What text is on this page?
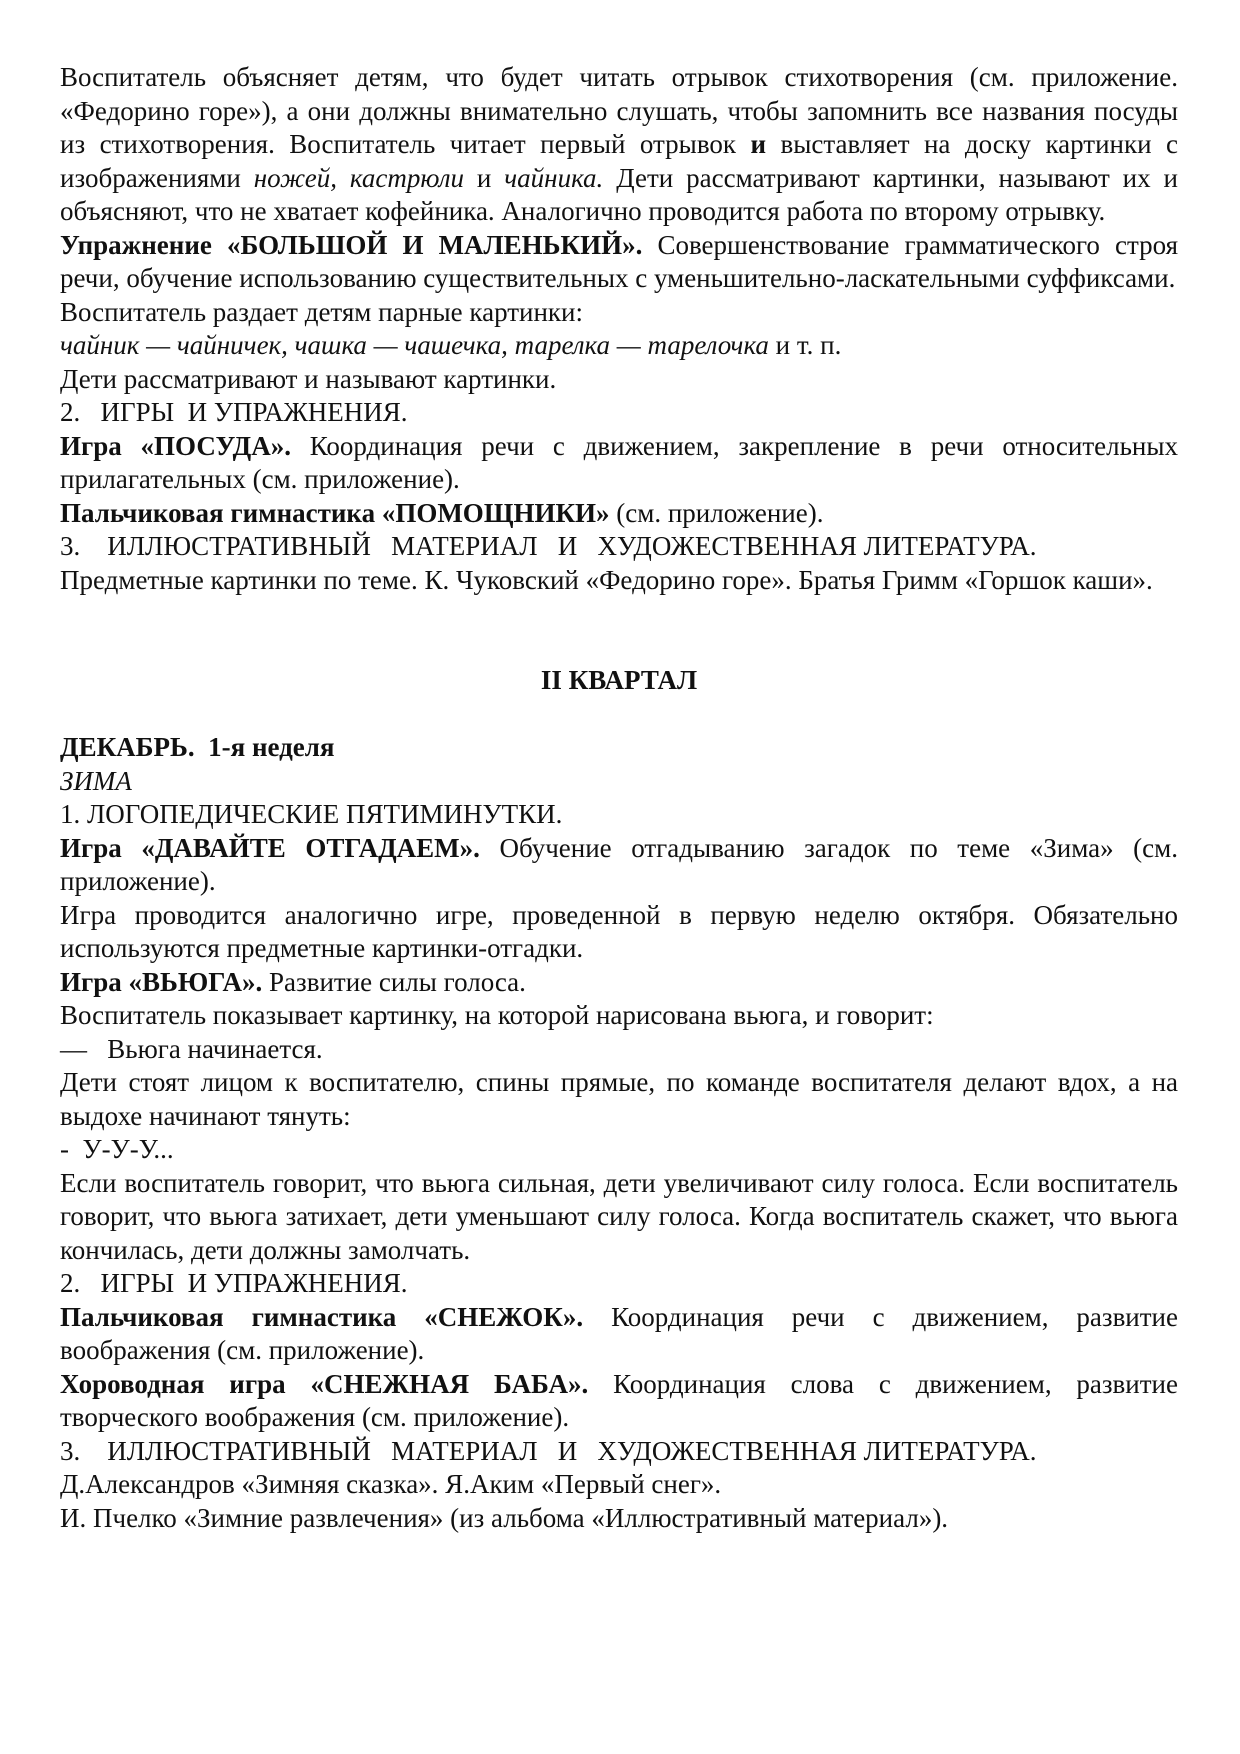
Воспитатель объясняет детям, что будет читать отрывок стихотворения (см. приложение. «Федорино горе»), а они должны внимательно слушать, чтобы запомнить все названия посуды из стихотворения. Воспитатель читает первый отрывок и выставляет на доску картинки с изображениями ножей, кастрюли и чайника. Дети рассматривают картинки, называют их и объясняют, что не хватает кофейника. Аналогично проводится работа по второму отрывку.

Упражнение «БОЛЬШОЙ И МАЛЕНЬКИЙ». Совершенствование грамматического строя речи, обучение использованию существительных с уменьшительно-ласкательными суффиксами.

Воспитатель раздает детям парные картинки:

чайник — чайничек, чашка — чашечка, тарелка — тарелочка и т. п.

Дети рассматривают и называют картинки.

2.   ИГРЫ  И УПРАЖНЕНИЯ.

Игра «ПОСУДА». Координация речи с движением, закрепление в речи относительных прилагательных (см. приложение).

Пальчиковая гимнастика «ПОМОЩНИКИ» (см. приложение).

3.    ИЛЛЮСТРАТИВНЫЙ   МАТЕРИАЛ   И   ХУДОЖЕСТВЕННАЯ ЛИТЕРАТУРА.

Предметные картинки по теме. К. Чуковский «Федорино горе». Братья Гримм «Горшок каши».

II КВАРТАЛ

ДЕКАБРЬ.  1-я неделя

ЗИМА

1. ЛОГОПЕДИЧЕСКИЕ ПЯТИМИНУТКИ.

Игра «ДАВАЙТЕ ОТГАДАЕМ». Обучение отгадыванию загадок по теме «Зима» (см. приложение).

Игра проводится аналогично игре, проведенной в первую неделю октября. Обязательно используются предметные картинки-отгадки.

Игра «ВЬЮГА». Развитие силы голоса.

Воспитатель показывает картинку, на которой нарисована вьюга, и говорит:

—   Вьюга начинается.

Дети стоят лицом к воспитателю, спины прямые, по команде воспитателя делают вдох, а на выдохе начинают тянуть:

-  У-У-У...

Если воспитатель говорит, что вьюга сильная, дети увеличивают силу голоса. Если воспитатель говорит, что вьюга затихает, дети уменьшают силу голоса. Когда воспитатель скажет, что вьюга кончилась, дети должны замолчать.

2.   ИГРЫ  И УПРАЖНЕНИЯ.

Пальчиковая гимнастика «СНЕЖОК». Координация речи с движением, развитие воображения (см. приложение).

Хороводная игра «СНЕЖНАЯ БАБА». Координация слова с движением, развитие творческого воображения (см. приложение).

3.    ИЛЛЮСТРАТИВНЫЙ   МАТЕРИАЛ   И   ХУДОЖЕСТВЕННАЯ ЛИТЕРАТУРА.

Д.Александров «Зимняя сказка». Я.Аким «Первый снег».

И. Пчелко «Зимние развлечения» (из альбома «Иллюстративный материал»).
